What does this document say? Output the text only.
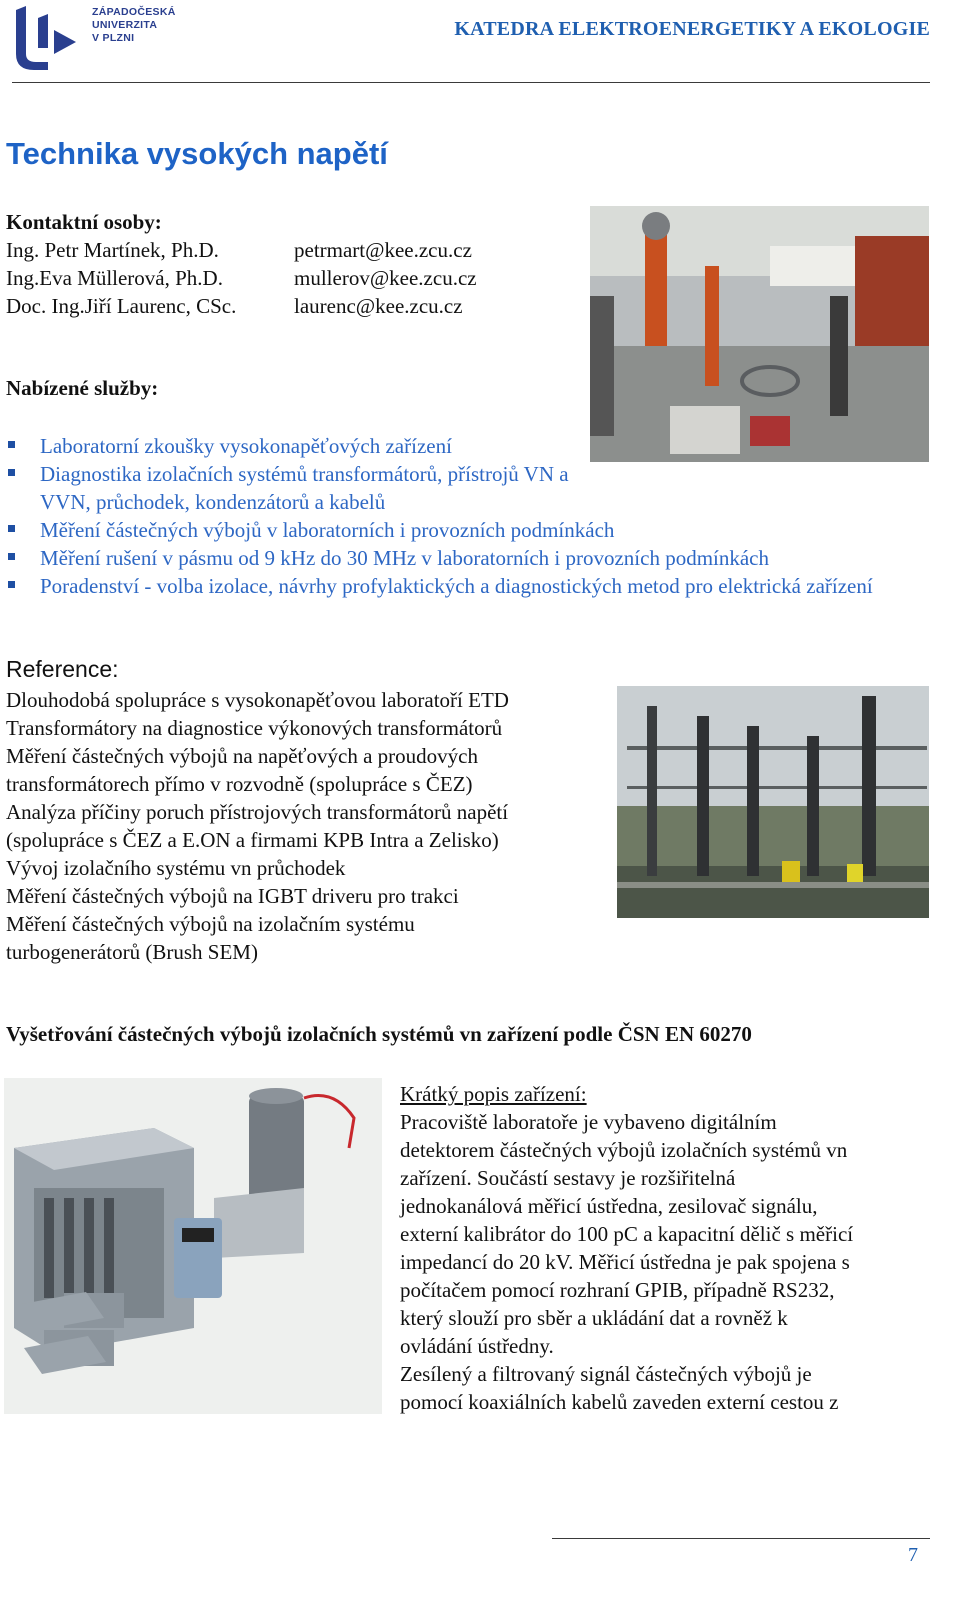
ZÁPADOČESKÁ
UNIVERZITA
V PLZNI	KATEDRA ELEKTROENERGETIKY A EKOLOGIE
Technika vysokých napětí
Kontaktní osoby:
Ing. Petr Martínek, Ph.D.	petrmart@kee.zcu.cz
Ing.Eva Müllerová, Ph.D.	mullerov@kee.zcu.cz
Doc. Ing.Jiří Laurenc, CSc.	laurenc@kee.zcu.cz
Nabízené služby:
Laboratorní zkoušky vysokonapěťových zařízení
Diagnostika izolačních systémů transformátorů, přístrojů VN a VVN, průchodek, kondenzátorů a kabelů
Měření částečných výbojů v laboratorních i provozních podmínkách
Měření rušení v pásmu od 9 kHz do 30 MHz v laboratorních i provozních podmínkách
Poradenství - volba izolace, návrhy profylaktických a diagnostických metod pro elektrická zařízení
Reference:
Dlouhodobá spolupráce s vysokonapěťovou laboratoří ETD
Transformátory na diagnostice výkonových transformátorů
Měření částečných výbojů na napěťových a proudových
transformátorech přímo v rozvodně (spolupráce s ČEZ)
Analýza příčiny poruch přístrojových transformátorů napětí
(spolupráce s ČEZ a E.ON a firmami KPB Intra a Zelisko)
Vývoj izolačního systému vn průchodek
Měření částečných výbojů na IGBT driveru pro trakci
Měření částečných výbojů na izolačním systému
turbogenerátorů (Brush SEM)
Vyšetřování částečných výbojů izolačních systémů vn zařízení podle ČSN EN 60270
Krátký popis zařízení:
Pracoviště laboratoře je vybaveno digitálním
detektorem částečných výbojů izolačních systémů vn
zařízení. Součástí sestavy je rozšiřitelná
jednokanálová měřicí ústředna, zesilovač signálu,
externí kalibrátor do 100 pC a kapacitní dělič s měřicí
impedancí do 20 kV. Měřicí ústředna je pak spojena s
počítačem pomocí rozhraní GPIB, případně RS232,
který slouží pro sběr a ukládání dat a rovněž k
ovládání ústředny.
Zesílený a filtrovaný signál částečných výbojů je
pomocí koaxiálních kabelů zaveden externí cestou z
7
